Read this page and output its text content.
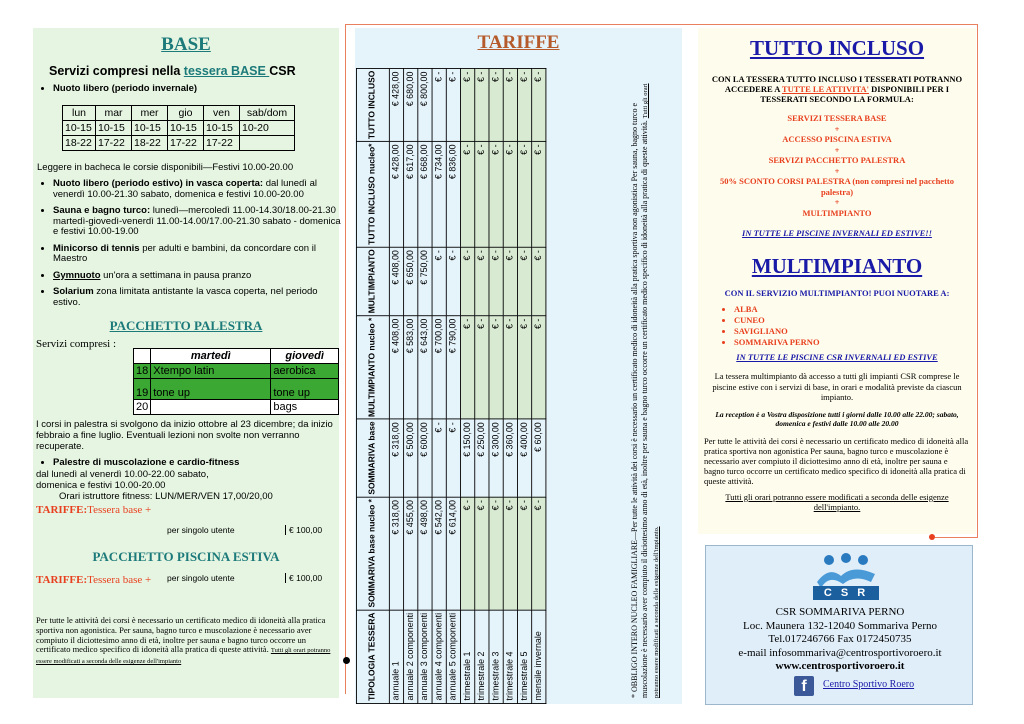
BASE
Servizi compresi nella tessera BASE CSR
• Nuoto libero (periodo invernale)
lun	mar	mer	gio	ven	sab/dom
10-15	10-15	10-15	10-15	10-15	10-20
18-22	17-22	18-22	17-22	17-22	
Leggere in bacheca le corsie disponibili—Festivi 10.00-20.00
• Nuoto libero (periodo estivo) in vasca coperta: dal lunedì al venerdì 10.00-21.30 sabato, domenica e festivi 10.00-20.00
• Sauna e bagno turco: lunedì—mercoledì 11.00-14.30/18.00-21.30 martedì-giovedì-venerdì 11.00-14.00/17.00-21.30 sabato - domenica e festivi 10.00-19.00
• Minicorso di tennis per adulti e bambini, da concordare con il Maestro
• Gymnuoto un'ora a settimana in pausa pranzo
• Solarium zona limitata antistante la vasca coperta, nel periodo estivo.
PACCHETTO PALESTRA
Servizi compresi :
	martedì	giovedì
18	Xtempo latin	aerobica
19	tone up	tone up
20		bags
I corsi in palestra si svolgono da inizio ottobre al 23 dicembre; da inizio febbraio a fine luglio. Eventuali lezioni non svolte non verranno recuperate.
• Palestre di muscolazione e cardio-fitness
dal lunedì al venerdì 10.00-22.00 sabato, domenica e festivi 10.00-20.00
Orari istruttore fitness: LUN/MER/VEN 17,00/20,00
TARIFFE:Tessera base +
per singolo utente	€ 100,00
PACCHETTO PISCINA ESTIVA
TARIFFE:Tessera base + per singolo utente	€ 100,00
Per tutte le attività dei corsi è necessario un certificato medico di idoneità alla pratica sportiva non agonistica. Per sauna, bagno turco e muscolazione è necessario aver compiuto il diciottesimo anno di età, inoltre per sauna e bagno turco occorre un certificato medico specifico di idoneità alla pratica di queste attività. Tutti gli orari potranno essere modificati a seconda delle esigenze dell'impianto
TARIFFE
TIPOLOGIA TESSERA	SOMMARIVA base nucleo *	SOMMARIVA base	MULTIMPIANTO nucleo *	MULTIMPIANTO	TUTTO INCLUSO nucleo*	TUTTO INCLUSO
annuale 1	€ 318,00	€ 318,00	€ 408,00	€ 408,00	€ 428,00	€ 428,00
annuale 2 componenti	€ 455,00	€ 500,00	€ 583,00	€ 650,00	€ 617,00	€ 680,00
annuale 3 componenti	€ 498,00	€ 600,00	€ 643,00	€ 750,00	€ 668,00	€ 800,00
annuale 4 componenti	€ 542,00	€ -	€ 700,00	€ -	€ 734,00	€ -
annuale 5 componenti	€ 614,00	€ -	€ 790,00	€ -	€ 836,00	€ -
trimestrale 1	€ -	€ 150,00	€ -	€ -	€ -	€ -
trimestrale 2	€ -	€ 250,00	€ -	€ -	€ -	€ -
trimestrale 3	€ -	€ 300,00	€ -	€ -	€ -	€ -
trimestrale 4	€ -	€ 360,00	€ -	€ -	€ -	€ -
trimestrale 5	€ -	€ 400,00	€ -	€ -	€ -	€ -
mensile invernale	€ -	€ 60,00	€ -	€ -	€ -	€ -
* OBBLIGO INTERO NUCLEO FAMIGLIARE—Per tutte le attività dei corsi è necessario un certificato medico di idoneità alla pratica sportiva non agonistica Per sauna, bagno turco e muscolazione è necessario aver compiuto il diciottesimo anno di età, inoltre per sauna e bagno turco occorre un certificato medico specifico di idoneità alla pratica di queste attività. Tutti gli orari potranno essere modificati a seconda delle esigenze dell'impianto.
TUTTO INCLUSO
CON LA TESSERA TUTTO INCLUSO I TESSERATI POTRANNO ACCEDERE A TUTTE LE ATTIVITA' DISPONIBILI PER I TESSERATI SECONDO LA FORMULA:
SERVIZI TESSERA BASE
+
ACCESSO PISCINA ESTIVA
+
SERVIZI PACCHETTO PALESTRA
+
50% SCONTO CORSI PALESTRA (non compresi nel pacchetto palestra)
+
MULTIMPIANTO
IN TUTTE LE PISCINE INVERNALI ED ESTIVE!!
MULTIMPIANTO
CON IL SERVIZIO MULTIMPIANTO! PUOI NUOTARE A:
• ALBA
• CUNEO
• SAVIGLIANO
• SOMMARIVA PERNO
IN TUTTE LE PISCINE CSR INVERNALI ED ESTIVE
La tessera multimpianto dà accesso a tutti gli impianti CSR comprese le piscine estive con i servizi di base, in orari e modalità previste da ciascun impianto.
La reception è a Vostra disposizione tutti i giorni dalle 10.00 alle 22.00; sabato, domenica e festivi dalle 10.00 alle 20.00
Per tutte le attività dei corsi è necessario un certificato medico di idoneità alla pratica sportiva non agonistica Per sauna, bagno turco e muscolazione è necessario aver compiuto il diciottesimo anno di età, inoltre per sauna e bagno turco occorre un certificato medico specifico di idoneità alla pratica di queste attività.
Tutti gli orari potranno essere modificati a seconda delle esigenze dell'impianto.
C S R
CSR SOMMARIVA PERNO
Loc. Maunera 132-12040 Sommariva Perno
Tel.017246766 Fax 0172450735
e-mail infosommariva@centrosportivoroero.it
www.centrosportivoroero.it
f	Centro Sportivo Roero
